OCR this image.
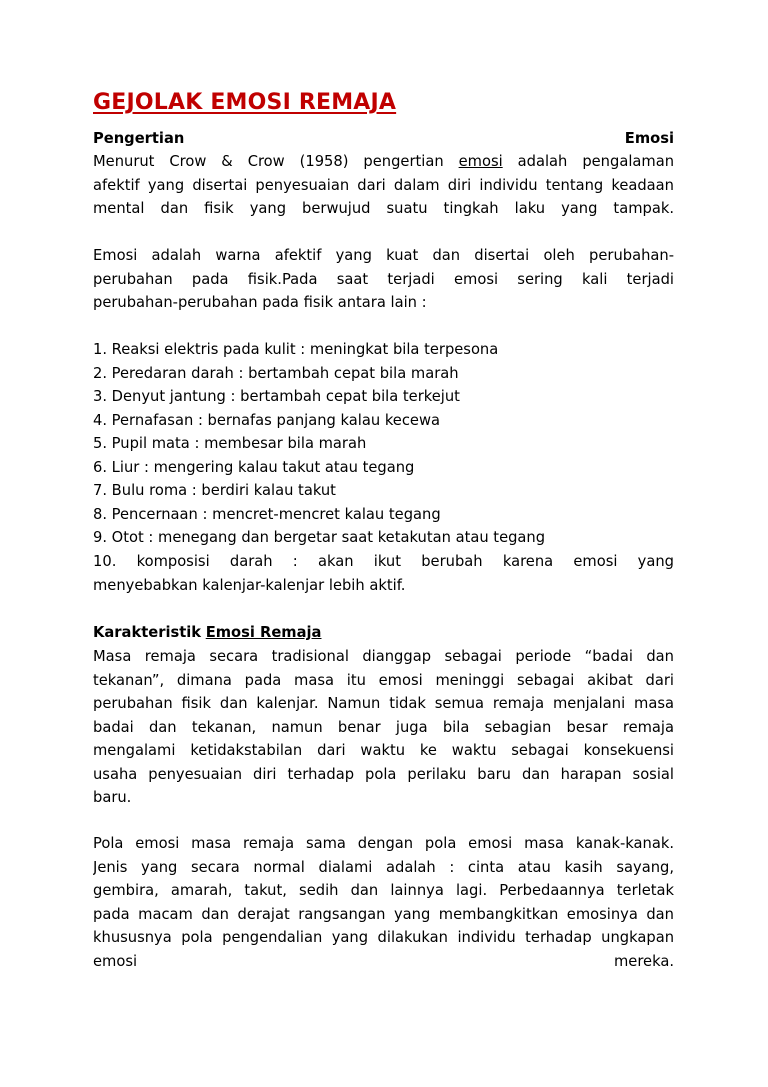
GEJOLAK EMOSI REMAJA
Pengertian	Emosi
Menurut Crow & Crow (1958) pengertian emosi adalah pengalaman
afektif yang disertai penyesuaian dari dalam diri individu tentang keadaan
mental dan fisik yang berwujud suatu tingkah laku yang tampak.
Emosi adalah warna afektif yang kuat dan disertai oleh perubahan-
perubahan pada fisik.Pada saat terjadi emosi sering kali terjadi
perubahan-perubahan pada fisik antara lain :
1. Reaksi elektris pada kulit : meningkat bila terpesona
2. Peredaran darah : bertambah cepat bila marah
3. Denyut jantung : bertambah cepat bila terkejut
4. Pernafasan : bernafas panjang kalau kecewa
5. Pupil mata : membesar bila marah
6. Liur : mengering kalau takut atau tegang
7. Bulu roma : berdiri kalau takut
8. Pencernaan : mencret-mencret kalau tegang
9. Otot : menegang dan bergetar saat ketakutan atau tegang
10. komposisi darah : akan ikut berubah karena emosi yang
menyebabkan kalenjar-kalenjar lebih aktif.
Karakteristik Emosi Remaja
Masa remaja secara tradisional dianggap sebagai periode “badai dan
tekanan”, dimana pada masa itu emosi meninggi sebagai akibat dari
perubahan fisik dan kalenjar. Namun tidak semua remaja menjalani masa
badai dan tekanan, namun benar juga bila sebagian besar remaja
mengalami ketidakstabilan dari waktu ke waktu sebagai konsekuensi
usaha penyesuaian diri terhadap pola perilaku baru dan harapan sosial
baru.
Pola emosi masa remaja sama dengan pola emosi masa kanak-kanak.
Jenis yang secara normal dialami adalah : cinta atau kasih sayang,
gembira, amarah, takut, sedih dan lainnya lagi. Perbedaannya terletak
pada macam dan derajat rangsangan yang membangkitkan emosinya dan
khususnya pola pengendalian yang dilakukan individu terhadap ungkapan
emosi	mereka.
